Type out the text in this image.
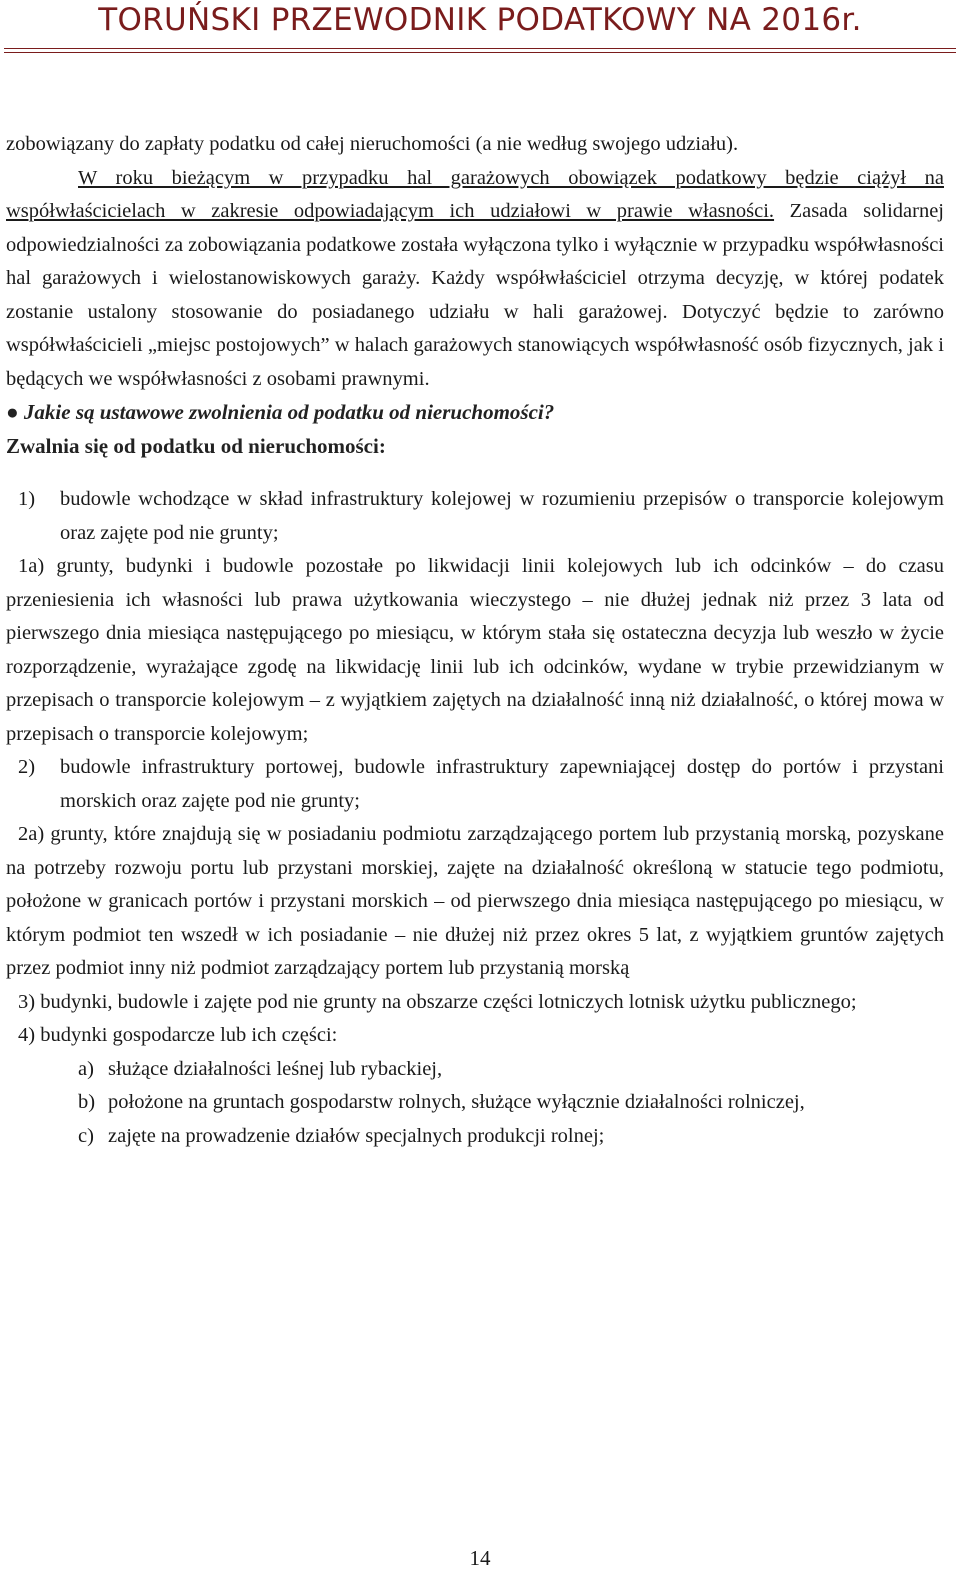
TORUŃSKI PRZEWODNIK PODATKOWY NA 2016r.

zobowiązany do zapłaty podatku od całej nieruchomości (a nie według swojego udziału).

W roku bieżącym w przypadku hal garażowych obowiązek podatkowy będzie ciążył na współwłaścicielach w zakresie odpowiadającym ich udziałowi w prawie własności. Zasada solidarnej odpowiedzialności za zobowiązania podatkowe została wyłączona tylko i wyłącznie w przypadku współwłasności hal garażowych i wielostanowiskowych garaży. Każdy współwłaściciel otrzyma decyzję, w której podatek zostanie ustalony stosowanie do posiadanego udziału w hali garażowej. Dotyczyć będzie to zarówno współwłaścicieli „miejsc postojowych” w halach garażowych stanowiących współwłasność osób fizycznych, jak i będących we współwłasności z osobami prawnymi.

● Jakie są ustawowe zwolnienia od podatku od nieruchomości?

Zwalnia się od podatku od nieruchomości:

1) budowle wchodzące w skład infrastruktury kolejowej w rozumieniu przepisów o transporcie kolejowym oraz zajęte pod nie grunty;

1a) grunty, budynki i budowle pozostałe po likwidacji linii kolejowych lub ich odcinków – do czasu przeniesienia ich własności lub prawa użytkowania wieczystego – nie dłużej jednak niż przez 3 lata od pierwszego dnia miesiąca następującego po miesiącu, w którym stała się ostateczna decyzja lub weszło w życie rozporządzenie, wyrażające zgodę na likwidację linii lub ich odcinków, wydane w trybie przewidzianym w przepisach o transporcie kolejowym – z wyjątkiem zajętych na działalność inną niż działalność, o której mowa w przepisach o transporcie kolejowym;

2) budowle infrastruktury portowej, budowle infrastruktury zapewniającej dostęp do portów i przystani morskich oraz zajęte pod nie grunty;

2a) grunty, które znajdują się w posiadaniu podmiotu zarządzającego portem lub przystanią morską, pozyskane na potrzeby rozwoju portu lub przystani morskiej, zajęte na działalność określoną w statucie tego podmiotu, położone w granicach portów i przystani morskich – od pierwszego dnia miesiąca następującego po miesiącu, w którym podmiot ten wszedł w ich posiadanie – nie dłużej niż przez okres 5 lat, z wyjątkiem gruntów zajętych przez podmiot inny niż podmiot zarządzający portem lub przystanią morską

3) budynki, budowle i zajęte pod nie grunty na obszarze części lotniczych lotnisk użytku publicznego;

4) budynki gospodarcze lub ich części:

a) służące działalności leśnej lub rybackiej,

b) położone na gruntach gospodarstw rolnych, służące wyłącznie działalności rolniczej,

c) zajęte na prowadzenie działów specjalnych produkcji rolnej;

14
